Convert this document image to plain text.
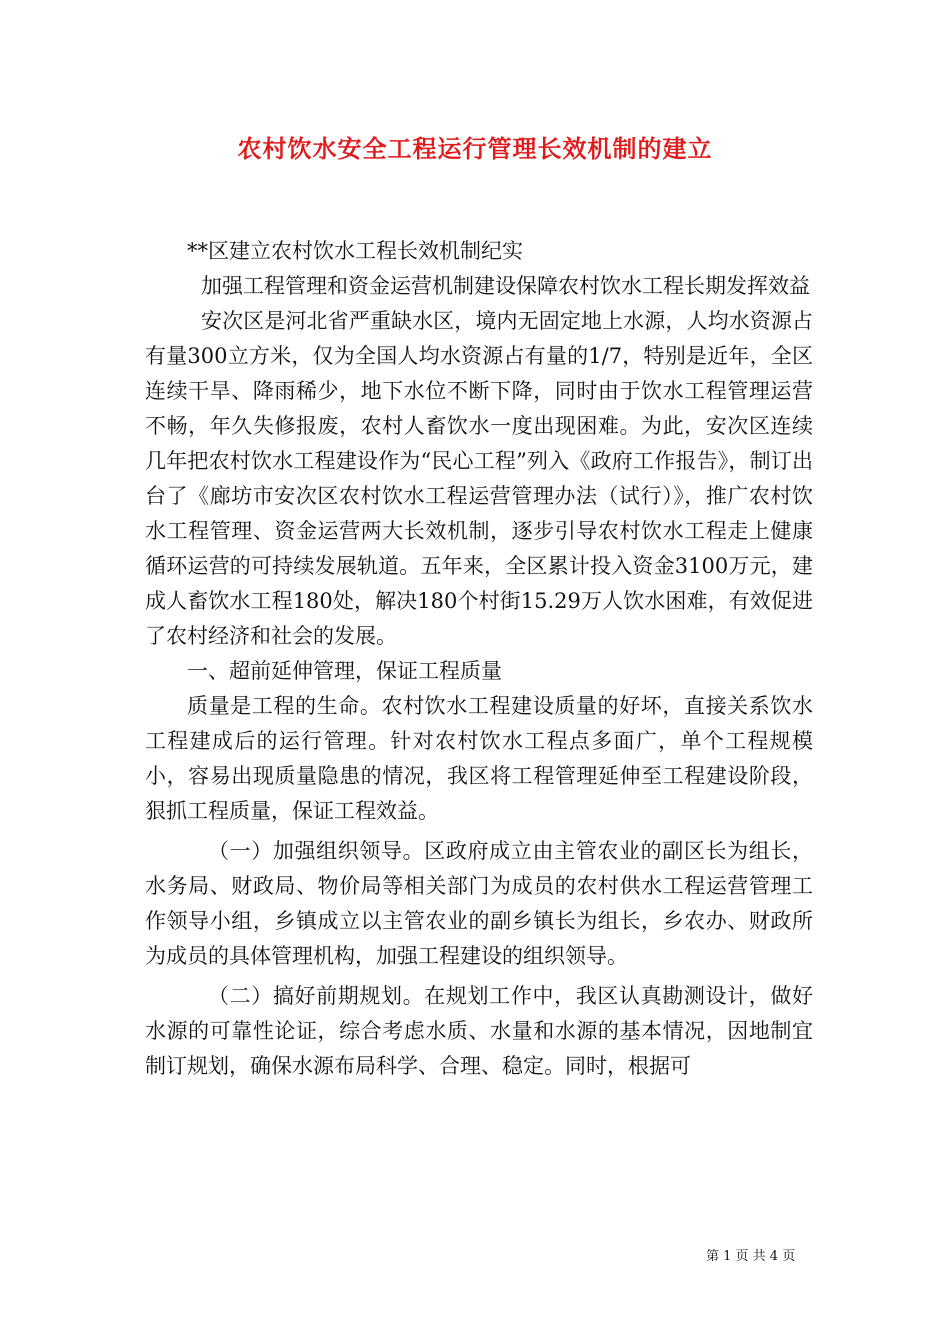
农村饮水安全工程运行管理长效机制的建立

**区建立农村饮水工程长效机制纪实

加强工程管理和资金运营机制建设保障农村饮水工程长期发挥效益

安次区是河北省严重缺水区，境内无固定地上水源，人均水资源占有量300立方米，仅为全国人均水资源占有量的1/7，特别是近年，全区连续干旱、降雨稀少，地下水位不断下降，同时由于饮水工程管理运营不畅，年久失修报废，农村人畜饮水一度出现困难。为此，安次区连续几年把农村饮水工程建设作为“民心工程”列入《政府工作报告》，制订出台了《廊坊市安次区农村饮水工程运营管理办法（试行）》，推广农村饮水工程管理、资金运营两大长效机制，逐步引导农村饮水工程走上健康循环运营的可持续发展轨道。五年来，全区累计投入资金3100万元，建成人畜饮水工程180处，解决180个村街15.29万人饮水困难，有效促进了农村经济和社会的发展。

一、超前延伸管理，保证工程质量

质量是工程的生命。农村饮水工程建设质量的好坏，直接关系饮水工程建成后的运行管理。针对农村饮水工程点多面广，单个工程规模小，容易出现质量隐患的情况，我区将工程管理延伸至工程建设阶段，狠抓工程质量，保证工程效益。

（一）加强组织领导。区政府成立由主管农业的副区长为组长，水务局、财政局、物价局等相关部门为成员的农村供水工程运营管理工作领导小组，乡镇成立以主管农业的副乡镇长为组长，乡农办、财政所为成员的具体管理机构，加强工程建设的组织领导。

（二）搞好前期规划。在规划工作中，我区认真勘测设计，做好水源的可靠性论证，综合考虑水质、水量和水源的基本情况，因地制宜制订规划，确保水源布局科学、合理、稳定。同时，根据可

第 1 页 共 4 页
